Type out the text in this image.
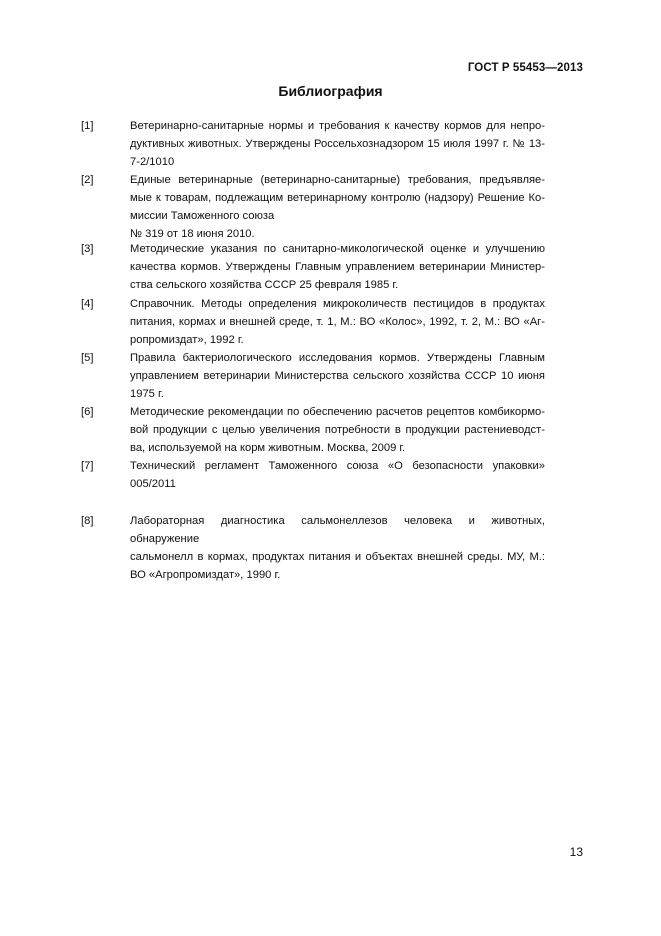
ГОСТ Р 55453—2013
Библиография
[1]	Ветеринарно-санитарные нормы и требования к качеству кормов для непро-
дуктивных животных. Утверждены Россельхознадзором 15 июля 1997 г. № 13-
7-2/1010
[2]	Единые ветеринарные (ветеринарно-санитарные) требования, предъявляе-
мые к товарам, подлежащим ветеринарному контролю (надзору) Решение Ко-
миссии Таможенного союза
№ 319 от 18 июня 2010.
[3]	Методические указания по санитарно-микологической оценке и улучшению
качества кормов. Утверждены Главным управлением ветеринарии Министер-
ства сельского хозяйства СССР 25 февраля 1985 г.
[4]	Справочник. Методы определения микроколичеств пестицидов в продуктах
питания, кормах и внешней среде, т. 1, М.: ВО «Колос», 1992, т. 2, М.: ВО «Аг-
ропромиздат», 1992 г.
[5]	Правила бактериологического исследования кормов. Утверждены Главным
управлением ветеринарии Министерства сельского хозяйства СССР 10 июня
1975 г.
[6]	Методические рекомендации по обеспечению расчетов рецептов комбикормо-
вой продукции с целью увеличения потребности в продукции растениеводст-
ва, используемой на корм животным. Москва, 2009 г.
[7]	Технический регламент Таможенного союза «О безопасности упаковки»
005/2011
[8]	Лабораторная диагностика сальмонеллезов человека и животных, обнаружение
сальмонелл в кормах, продуктах питания и объектах внешней среды. МУ, М.:
ВО «Агропромиздат», 1990 г.
13
